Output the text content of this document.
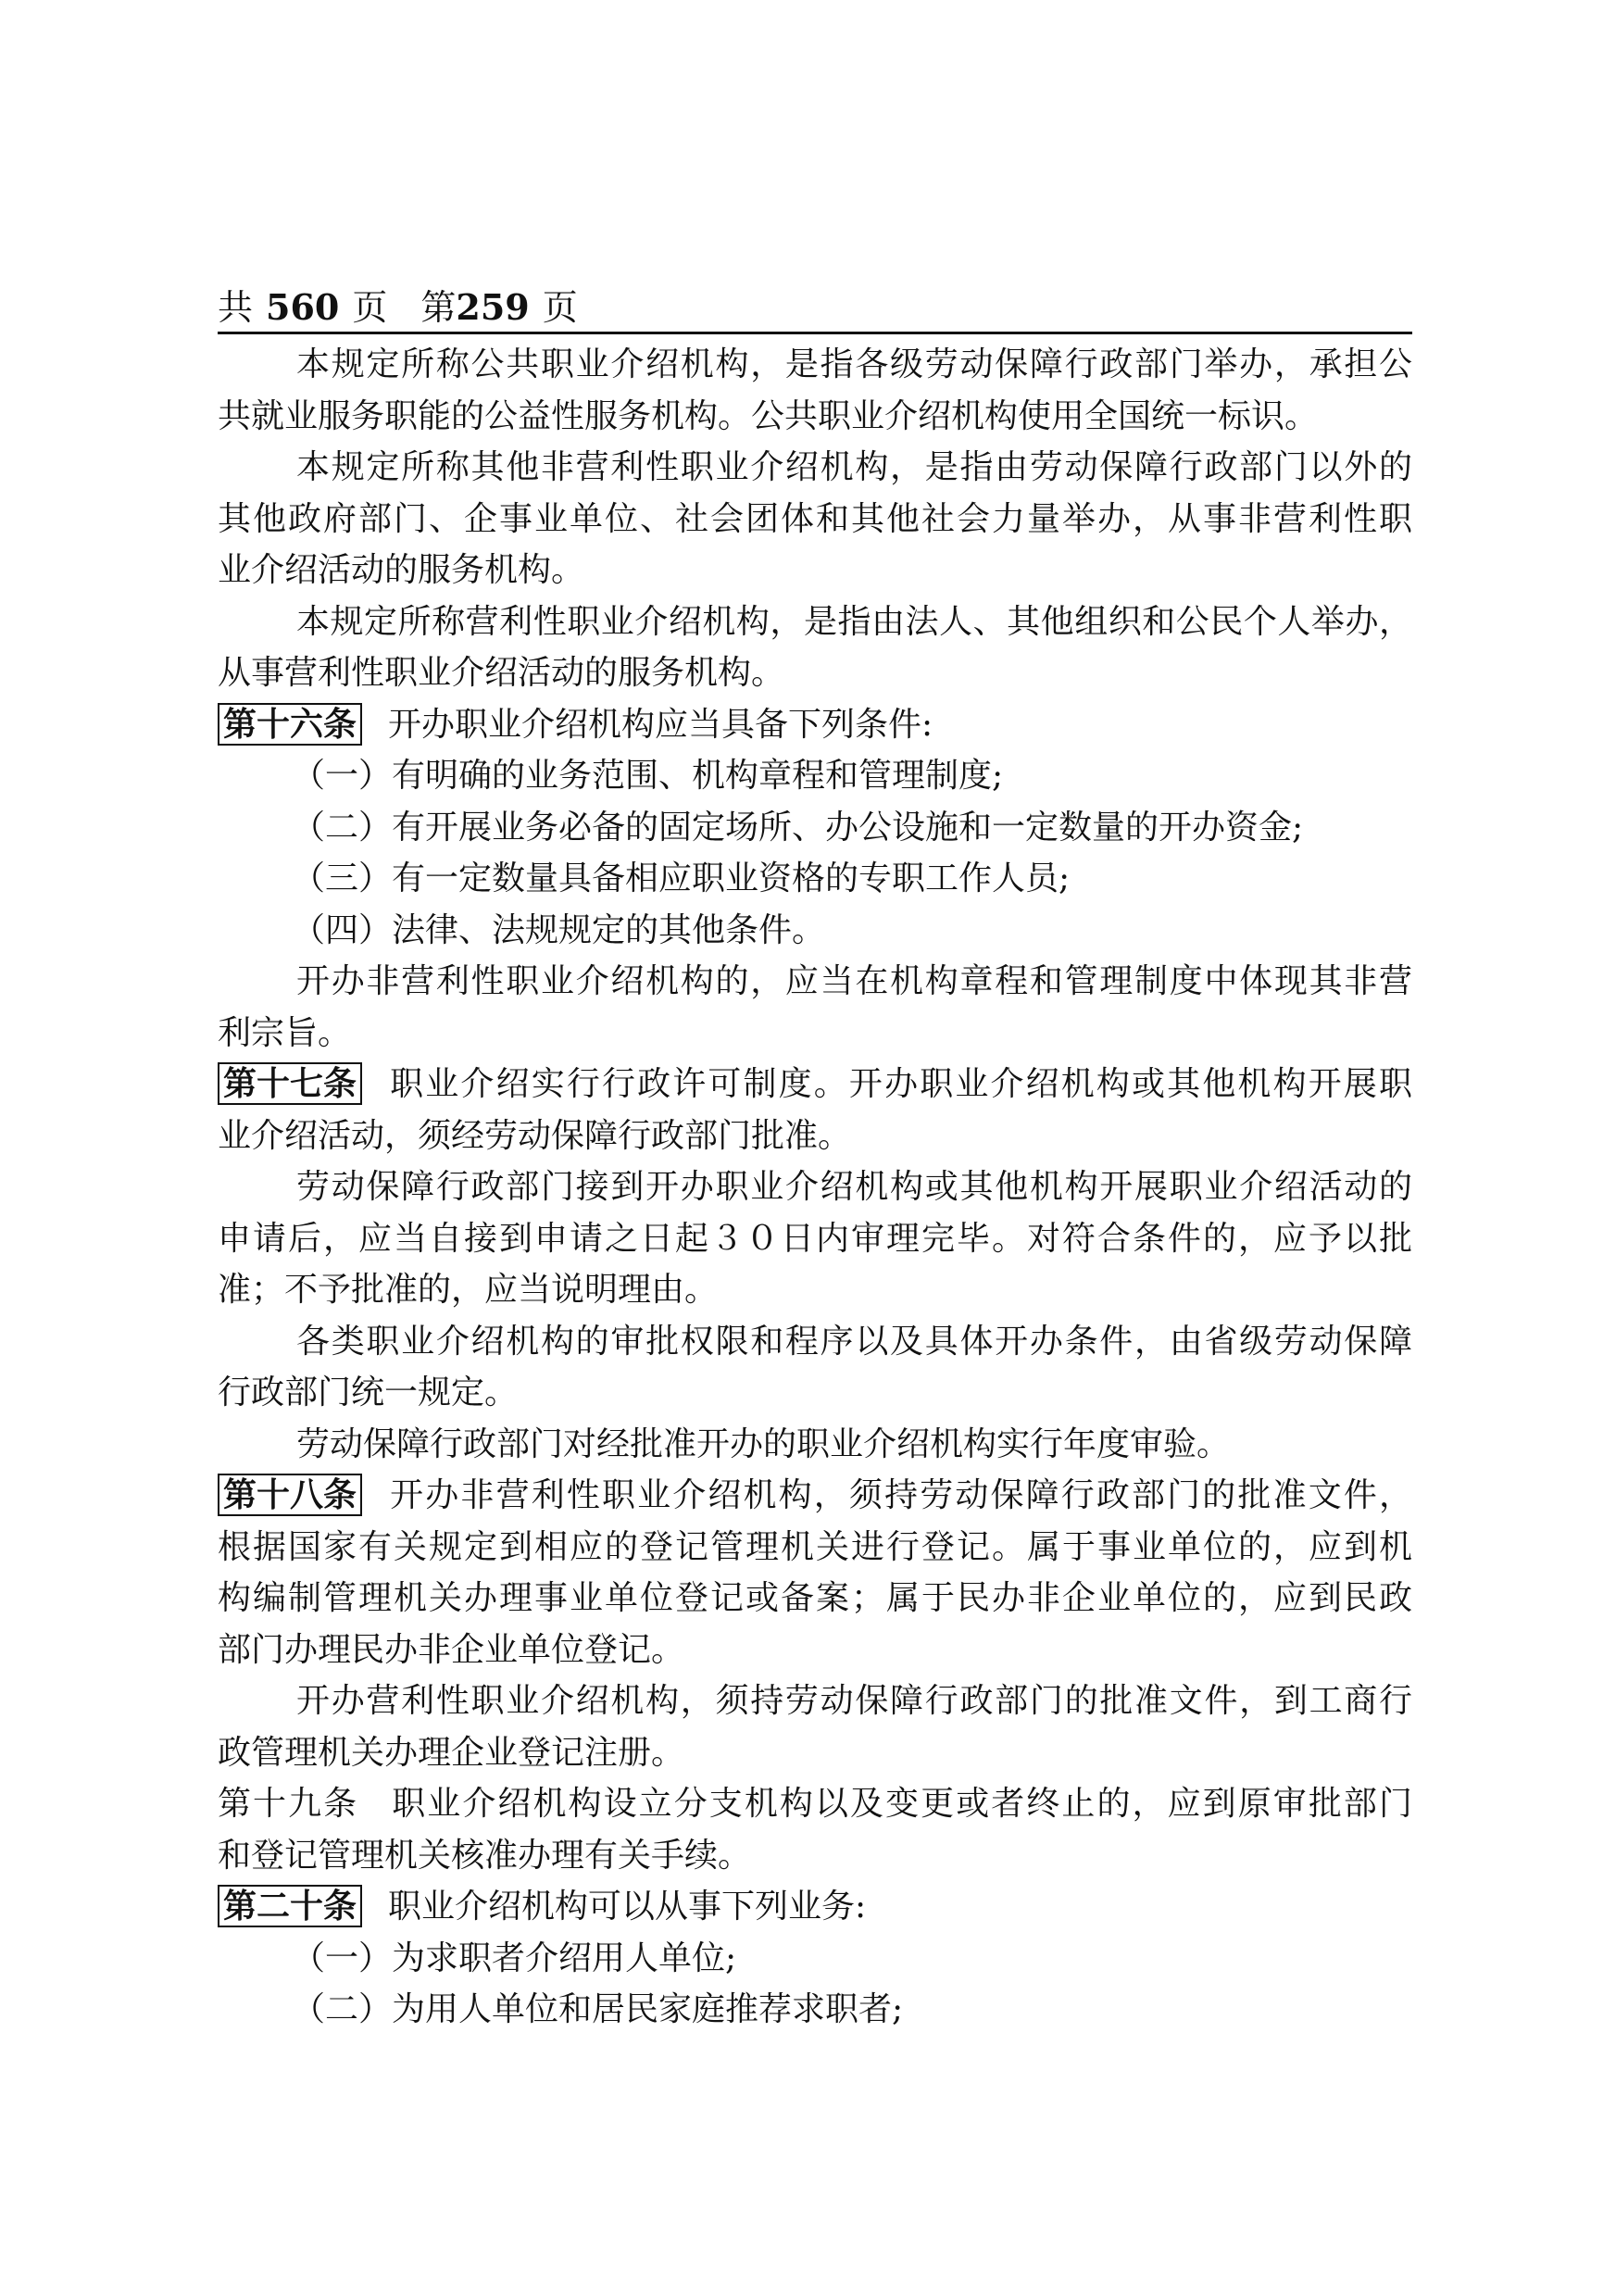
共 560 页 第259 页
本规定所称公共职业介绍机构，是指各级劳动保障行政部门举办，承担公
共就业服务职能的公益性服务机构。公共职业介绍机构使用全国统一标识。
本规定所称其他非营利性职业介绍机构，是指由劳动保障行政部门以外的
其他政府部门、企事业单位、社会团体和其他社会力量举办，从事非营利性职
业介绍活动的服务机构。
本规定所称营利性职业介绍机构，是指由法人、其他组织和公民个人举办，
从事营利性职业介绍活动的服务机构。
第十六条 开办职业介绍机构应当具备下列条件:
（一）有明确的业务范围、机构章程和管理制度;
（二）有开展业务必备的固定场所、办公设施和一定数量的开办资金;
（三）有一定数量具备相应职业资格的专职工作人员;
（四）法律、法规规定的其他条件。
开办非营利性职业介绍机构的，应当在机构章程和管理制度中体现其非营
利宗旨。
第十七条 职业介绍实行行政许可制度。开办职业介绍机构或其他机构开展职
业介绍活动，须经劳动保障行政部门批准。
劳动保障行政部门接到开办职业介绍机构或其他机构开展职业介绍活动的
申请后，应当自接到申请之日起３０日内审理完毕。对符合条件的，应予以批
准；不予批准的，应当说明理由。
各类职业介绍机构的审批权限和程序以及具体开办条件，由省级劳动保障
行政部门统一规定。
劳动保障行政部门对经批准开办的职业介绍机构实行年度审验。
第十八条 开办非营利性职业介绍机构，须持劳动保障行政部门的批准文件，
根据国家有关规定到相应的登记管理机关进行登记。属于事业单位的，应到机
构编制管理机关办理事业单位登记或备案；属于民办非企业单位的，应到民政
部门办理民办非企业单位登记。
开办营利性职业介绍机构，须持劳动保障行政部门的批准文件，到工商行
政管理机关办理企业登记注册。
第十九条 职业介绍机构设立分支机构以及变更或者终止的，应到原审批部门
和登记管理机关核准办理有关手续。
第二十条 职业介绍机构可以从事下列业务:
（一）为求职者介绍用人单位;
（二）为用人单位和居民家庭推荐求职者;
